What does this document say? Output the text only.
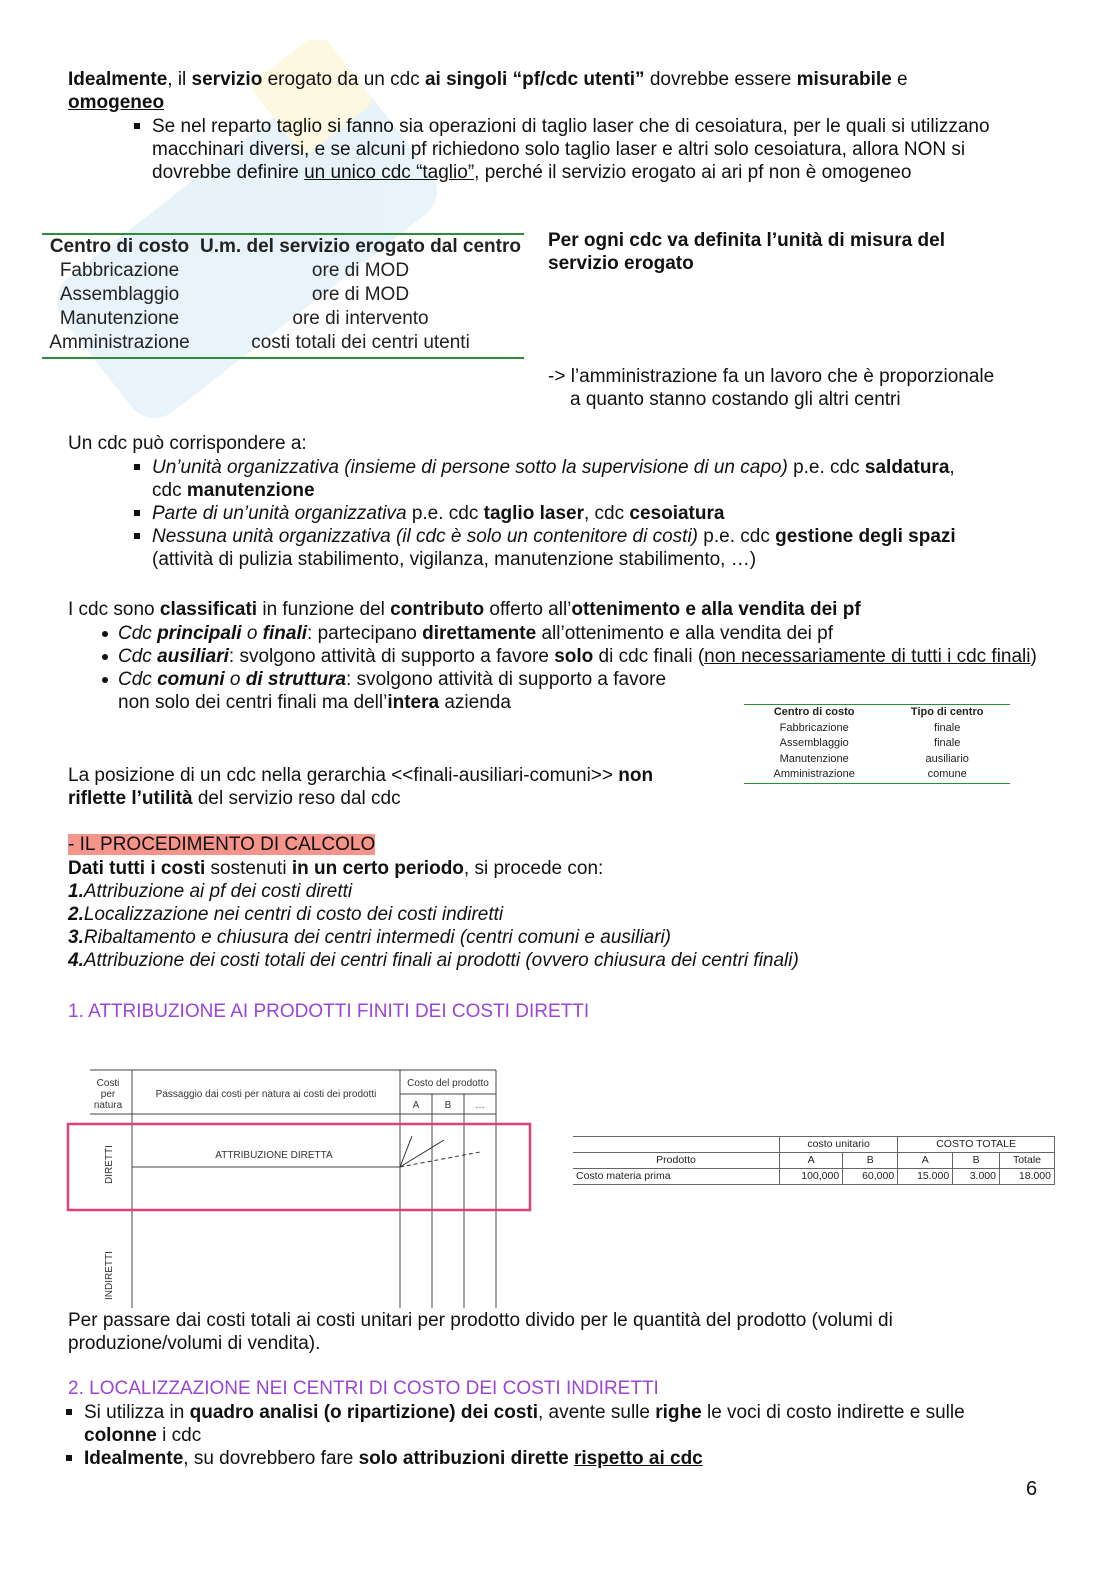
Idealmente, il servizio erogato da un cdc ai singoli “pf/cdc utenti” dovrebbe essere misurabile e
omogeneo
Se nel reparto taglio si fanno sia operazioni di taglio laser che di cesoiatura, per le quali si utilizzano macchinari diversi, e se alcuni pf richiedono solo taglio laser e altri solo cesoiatura, allora NON si dovrebbe definire un unico cdc “taglio”, perché il servizio erogato ai ari pf non è omogeneo
Centro di costo	U.m. del servizio erogato dal centro
Fabbricazione	ore di MOD
Assemblaggio	ore di MOD
Manutenzione	ore di intervento
Amministrazione	costi totali dei centri utenti
Per ogni cdc va definita l’unità di misura del servizio erogato
-> l’amministrazione fa un lavoro che è proporzionale
a quanto stanno costando gli altri centri
Un cdc può corrispondere a:
Un’unità organizzativa (insieme di persone sotto la supervisione di un capo) p.e. cdc saldatura,
cdc manutenzione
Parte di un’unità organizzativa p.e. cdc taglio laser, cdc cesoiatura
Nessuna unità organizzativa (il cdc è solo un contenitore di costi) p.e. cdc gestione degli spazi
(attività di pulizia stabilimento, vigilanza, manutenzione stabilimento, …)
I cdc sono classificati in funzione del contributo offerto all’ottenimento e alla vendita dei pf
Cdc principali o finali: partecipano direttamente all’ottenimento e alla vendita dei pf
Cdc ausiliari: svolgono attività di supporto a favore solo di cdc finali (non necessariamente di tutti i cdc finali)
Cdc comuni o di struttura: svolgono attività di supporto a favore
non solo dei centri finali ma dell’intera azienda	Centro di costo	Tipo di centro
Fabbricazione	finale
Assemblaggio	finale
Manutenzione	ausiliario
Amministrazione	comune
La posizione di un cdc nella gerarchia <<finali-ausiliari-comuni>> non
riflette l’utilità del servizio reso dal cdc
- IL PROCEDIMENTO DI CALCOLO
Dati tutti i costi sostenuti in un certo periodo, si procede con:
1.Attribuzione ai pf dei costi diretti
2.Localizzazione nei centri di costo dei costi indiretti
3.Ribaltamento e chiusura dei centri intermedi (centri comuni e ausiliari)
4.Attribuzione dei costi totali dei centri finali ai prodotti (ovvero chiusura dei centri finali)
1. ATTRIBUZIONE AI PRODOTTI FINITI DEI COSTI DIRETTI
Costi
per
natura
Passaggio dai costi per natura ai costi dei prodotti
Costo del prodotto
A	B …
ATTRIBUZIONE DIRETTA
DIRETTI
INDIRETTI
	costo unitario		COSTO TOTALE		
Prodotto	A	B	A	B	Totale
Costo materia prima	100,000	60,000	15.000	3.000	18.000
Per passare dai costi totali ai costi unitari per prodotto divido per le quantità del prodotto (volumi di produzione/volumi di vendita).
2. LOCALIZZAZIONE NEI CENTRI DI COSTO DEI COSTI INDIRETTI
Si utilizza in quadro analisi (o ripartizione) dei costi, avente sulle righe le voci di costo indirette e sulle
colonne i cdc
Idealmente, su dovrebbero fare solo attribuzioni dirette rispetto ai cdc
6
